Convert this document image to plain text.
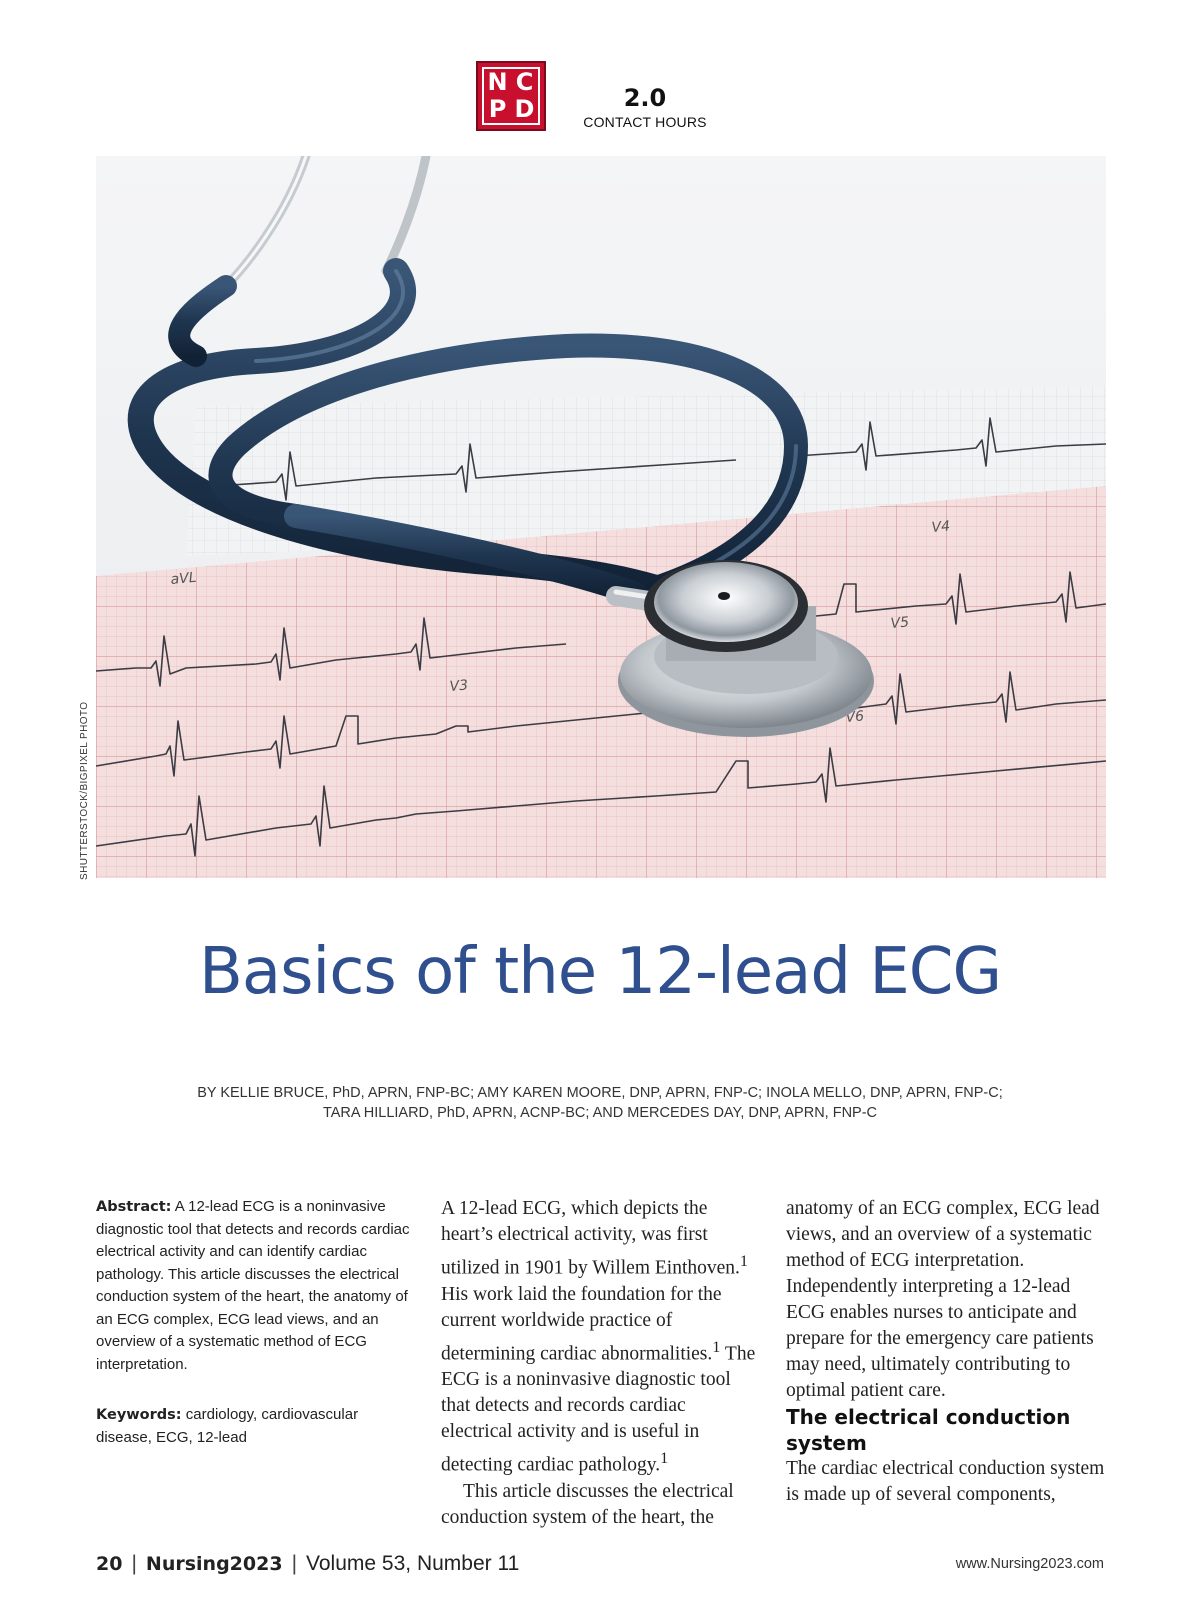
N C
P D	2.0
CONTACT HOURS
V3
V4
V5
V6
aVL
SHUTTERSTOCK/BIGPIXEL PHOTO
Basics of the 12-lead ECG
BY KELLIE BRUCE, PhD, APRN, FNP-BC; AMY KAREN MOORE, DNP, APRN, FNP-C; INOLA MELLO, DNP, APRN, FNP-C;
TARA HILLIARD, PhD, APRN, ACNP-BC; AND MERCEDES DAY, DNP, APRN, FNP-C

Abstract: A 12-lead ECG is a noninvasive diagnostic tool that detects and records cardiac electrical activity and can identify cardiac pathology. This article discusses the electrical conduction system of the heart, the anatomy of an ECG complex, ECG lead views, and an overview of a systematic method of ECG interpretation.

Keywords: cardiology, cardiovascular disease, ECG, 12-lead

A 12-lead ECG, which depicts the heart’s electrical activity, was first utilized in 1901 by Willem Einthoven.$^1$ His work laid the foundation for the current worldwide practice of determining cardiac abnormalities.$^1$ The ECG is a noninvasive diagnostic tool that detects and records cardiac electrical activity and is useful in detecting cardiac pathology.$^1$

This article discusses the electrical conduction system of the heart, the

anatomy of an ECG complex, ECG lead views, and an overview of a systematic method of ECG interpretation. Independently interpreting a 12-lead ECG enables nurses to anticipate and prepare for the emergency care patients may need, ultimately contributing to optimal patient care.

The electrical conduction system

The cardiac electrical conduction system is made up of several components,

20 | Nursing2023 | Volume 53, Number 11	www.Nursing2023.com
